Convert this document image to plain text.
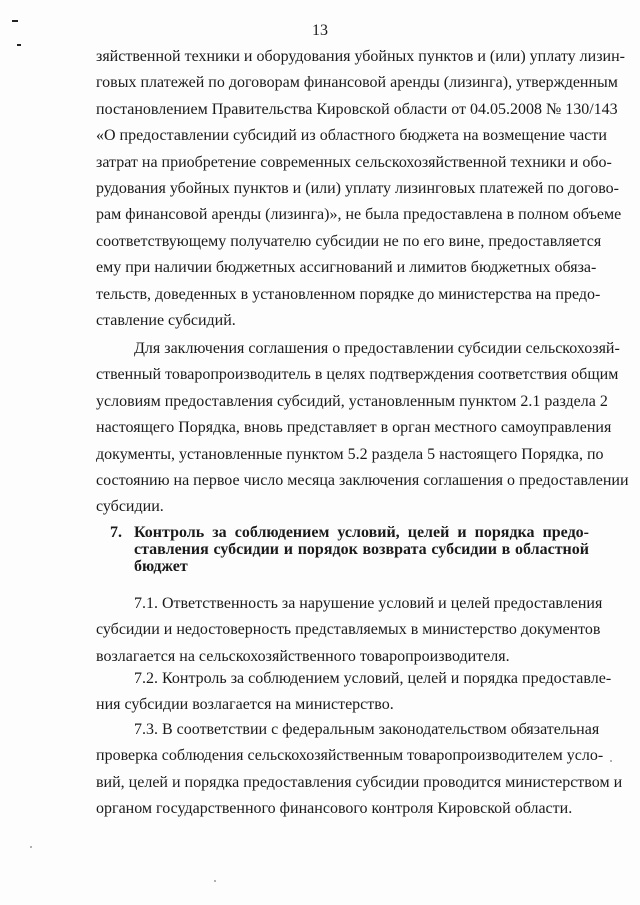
13
зяйственной техники и оборудования убойных пунктов и (или) уплату лизин-
говых платежей по договорам финансовой аренды (лизинга), утвержденным
постановлением Правительства Кировской области от 04.05.2008 № 130/143
«О предоставлении субсидий из областного бюджета на возмещение части
затрат на приобретение современных сельскохозяйственной техники и обо-
рудования убойных пунктов и (или) уплату лизинговых платежей по догово-
рам финансовой аренды (лизинга)», не была предоставлена в полном объеме
соответствующему получателю субсидии не по его вине, предоставляется
ему при наличии бюджетных ассигнований и лимитов бюджетных обяза-
тельств, доведенных в установленном порядке до министерства на предо-
ставление субсидий.
Для заключения соглашения о предоставлении субсидии сельскохозяй-
ственный товаропроизводитель в целях подтверждения соответствия общим
условиям предоставления субсидий, установленным пунктом 2.1 раздела 2
настоящего Порядка, вновь представляет в орган местного самоуправления
документы, установленные пунктом 5.2 раздела 5 настоящего Порядка, по
состоянию на первое число месяца заключения соглашения о предоставлении
субсидии.
7. Контроль за соблюдением условий, целей и порядка предо-
ставления субсидии и порядок возврата субсидии в областной
бюджет
7.1. Ответственность за нарушение условий и целей предоставления
субсидии и недостоверность представляемых в министерство документов
возлагается на сельскохозяйственного товаропроизводителя.
7.2. Контроль за соблюдением условий, целей и порядка предоставле-
ния субсидии возлагается на министерство.
7.3. В соответствии с федеральным законодательством обязательная
проверка соблюдения сельскохозяйственным товаропроизводителем усло-
вий, целей и порядка предоставления субсидии проводится министерством и
органом государственного финансового контроля Кировской области.
